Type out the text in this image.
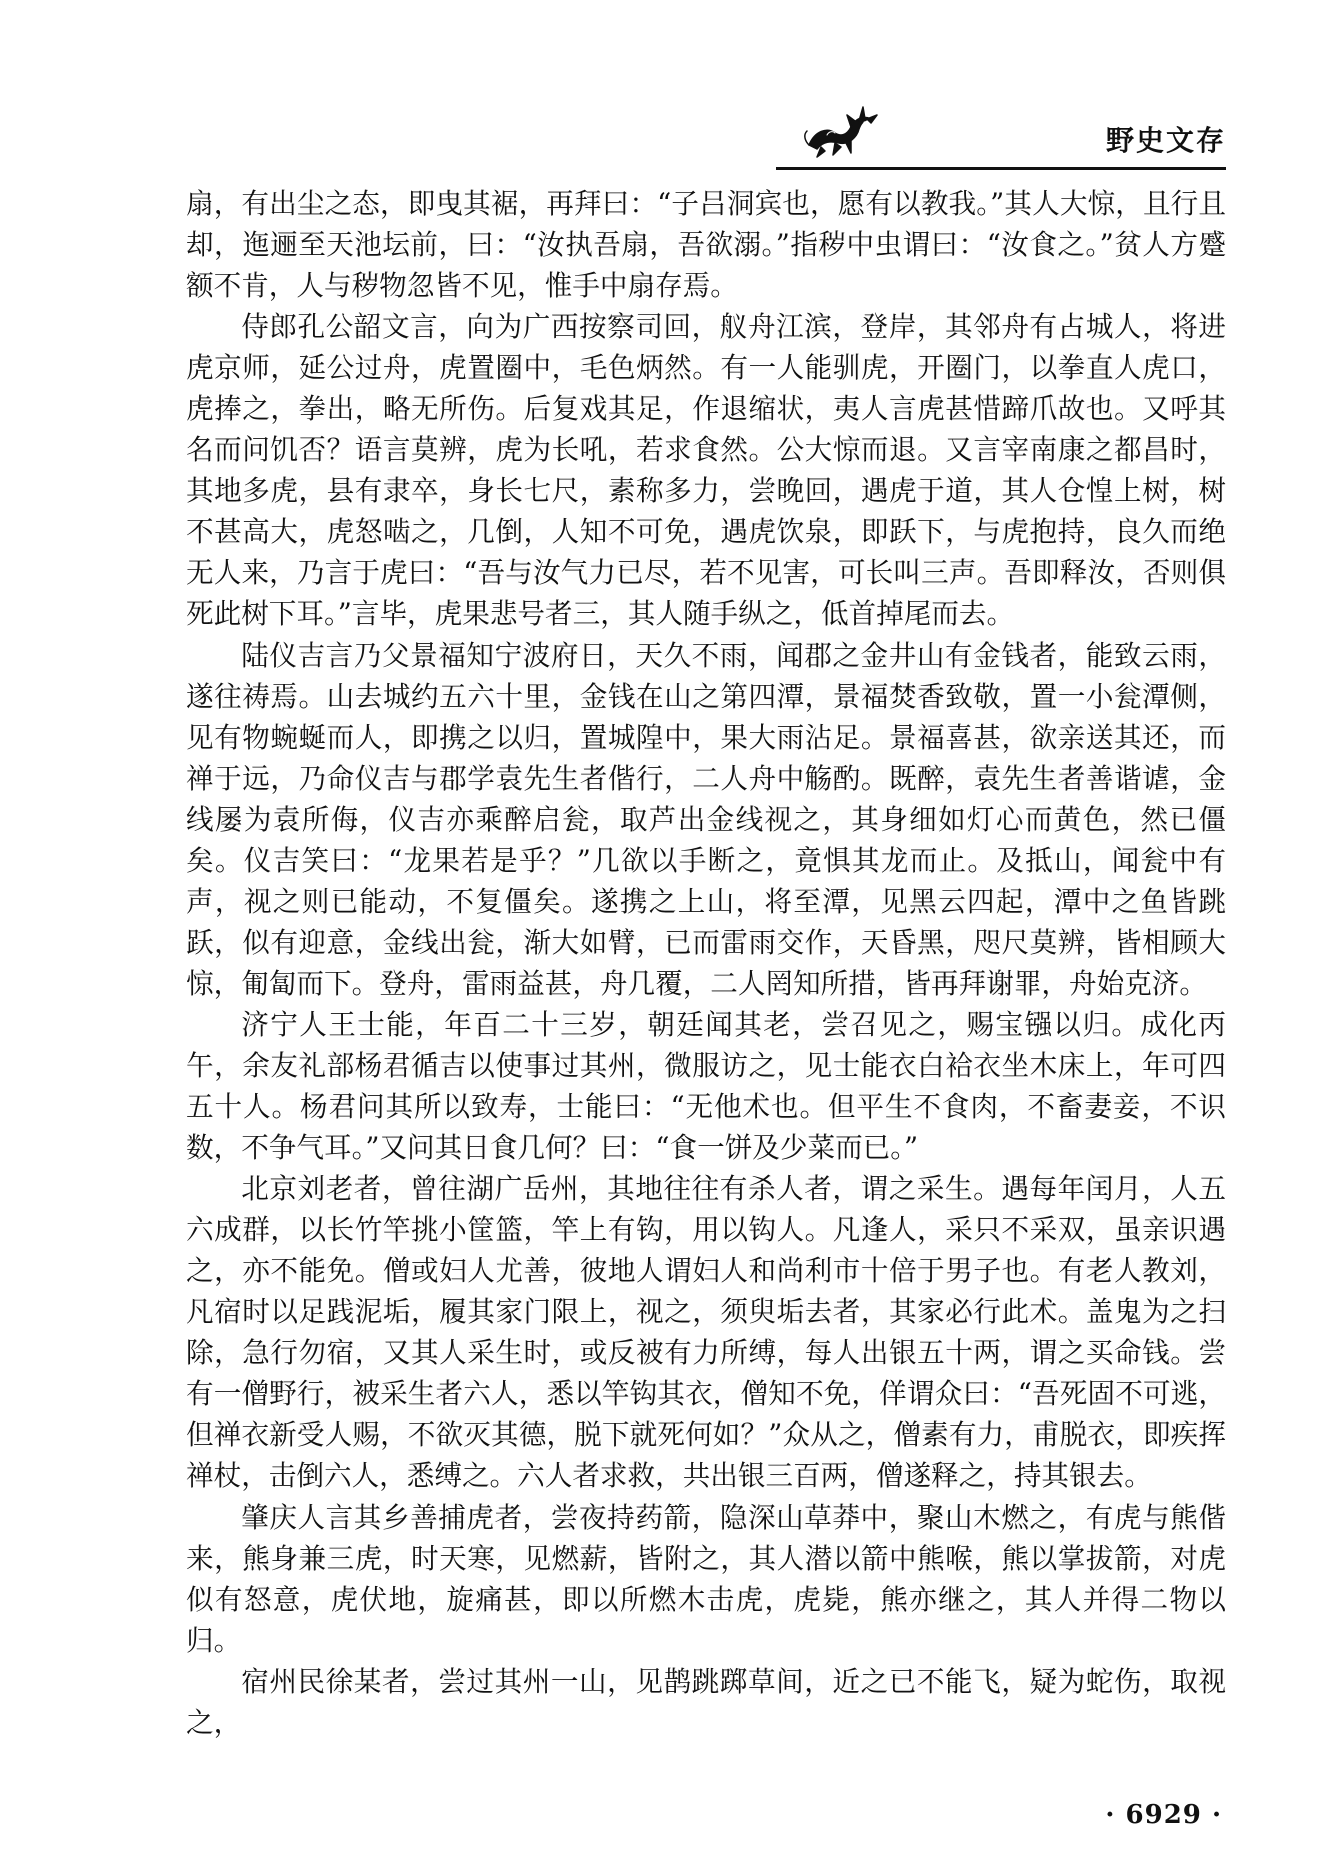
野史文存

扇，有出尘之态，即曳其裾，再拜曰：“子吕洞宾也，愿有以教我。”其人大惊，且行且却，迤逦至天池坛前，曰：“汝执吾扇，吾欲溺。”指秽中虫谓曰：“汝食之。”贫人方蹙额不肯，人与秽物忽皆不见，惟手中扇存焉。

侍郎孔公韶文言，向为广西按察司回，舣舟江滨，登岸，其邻舟有占城人，将进虎京师，延公过舟，虎置圈中，毛色炳然。有一人能驯虎，开圈门，以拳直人虎口，虎捧之，拳出，略无所伤。后复戏其足，作退缩状，夷人言虎甚惜蹄爪故也。又呼其名而问饥否？语言莫辨，虎为长吼，若求食然。公大惊而退。又言宰南康之都昌时，其地多虎，县有隶卒，身长七尺，素称多力，尝晚回，遇虎于道，其人仓惶上树，树不甚高大，虎怒啮之，几倒，人知不可免，遇虎饮泉，即跃下，与虎抱持，良久而绝无人来，乃言于虎曰：“吾与汝气力已尽，若不见害，可长叫三声。吾即释汝，否则俱死此树下耳。”言毕，虎果悲号者三，其人随手纵之，低首掉尾而去。

陆仪吉言乃父景福知宁波府日，天久不雨，闻郡之金井山有金钱者，能致云雨，遂往祷焉。山去城约五六十里，金钱在山之第四潭，景福焚香致敬，置一小瓮潭侧，见有物蜿蜒而人，即携之以归，置城隍中，果大雨沾足。景福喜甚，欲亲送其还，而禅于远，乃命仪吉与郡学袁先生者偕行，二人舟中觞酌。既醉，袁先生者善谐谑，金线屡为袁所侮，仪吉亦乘醉启瓮，取芦出金线视之，其身细如灯心而黄色，然已僵矣。仪吉笑曰：“龙果若是乎？”几欲以手断之，竟惧其龙而止。及抵山，闻瓮中有声，视之则已能动，不复僵矣。遂携之上山，将至潭，见黑云四起，潭中之鱼皆跳跃，似有迎意，金线出瓮，渐大如臂，已而雷雨交作，天昏黑，咫尺莫辨，皆相顾大惊，匍匐而下。登舟，雷雨益甚，舟几覆，二人罔知所措，皆再拜谢罪，舟始克济。

济宁人王士能，年百二十三岁，朝廷闻其老，尝召见之，赐宝镪以归。成化丙午，余友礼部杨君循吉以使事过其州，微服访之，见士能衣白袷衣坐木床上，年可四五十人。杨君问其所以致寿，士能曰：“无他术也。但平生不食肉，不畜妻妾，不识数，不争气耳。”又问其日食几何？曰：“食一饼及少菜而已。”

北京刘老者，曾往湖广岳州，其地往往有杀人者，谓之采生。遇每年闰月，人五六成群，以长竹竿挑小筐篮，竿上有钩，用以钩人。凡逢人，采只不采双，虽亲识遇之，亦不能免。僧或妇人尤善，彼地人谓妇人和尚利市十倍于男子也。有老人教刘，凡宿时以足践泥垢，履其家门限上，视之，须臾垢去者，其家必行此术。盖鬼为之扫除，急行勿宿，又其人采生时，或反被有力所缚，每人出银五十两，谓之买命钱。尝有一僧野行，被采生者六人，悉以竿钩其衣，僧知不免，佯谓众曰：“吾死固不可逃，但禅衣新受人赐，不欲灭其德，脱下就死何如？”众从之，僧素有力，甫脱衣，即疾挥禅杖，击倒六人，悉缚之。六人者求救，共出银三百两，僧遂释之，持其银去。

肇庆人言其乡善捕虎者，尝夜持药箭，隐深山草莽中，聚山木燃之，有虎与熊偕来，熊身兼三虎，时天寒，见燃薪，皆附之，其人潜以箭中熊喉，熊以掌拔箭，对虎似有怒意，虎伏地，旋痛甚，即以所燃木击虎，虎毙，熊亦继之，其人并得二物以归。

宿州民徐某者，尝过其州一山，见鹊跳踯草间，近之已不能飞，疑为蛇伤，取视之，

· 6929 ·
